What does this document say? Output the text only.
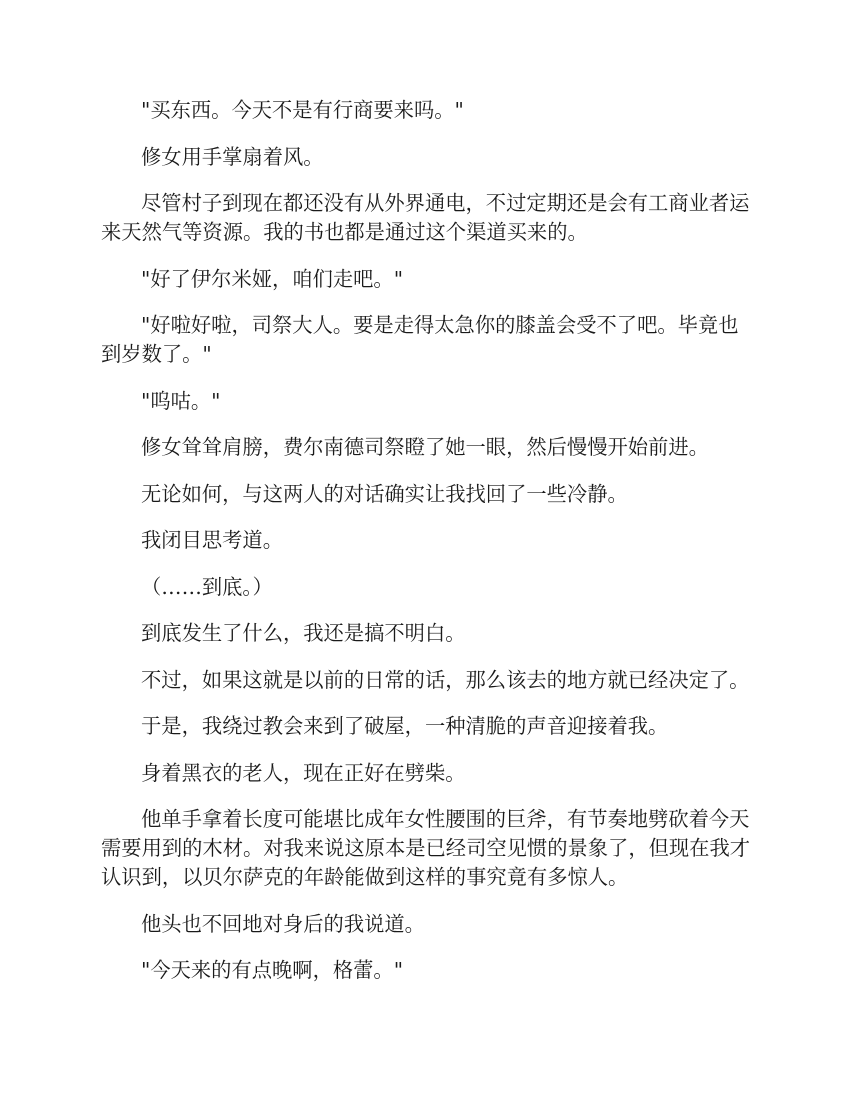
"买东西。今天不是有行商要来吗。"

修女用手掌扇着风。

尽管村子到现在都还没有从外界通电，不过定期还是会有工商业者运来天然气等资源。我的书也都是通过这个渠道买来的。

"好了伊尔米娅，咱们走吧。"

"好啦好啦，司祭大人。要是走得太急你的膝盖会受不了吧。毕竟也到岁数了。"

"呜咕。"

修女耸耸肩膀，费尔南德司祭瞪了她一眼，然后慢慢开始前进。

无论如何，与这两人的对话确实让我找回了一些冷静。

我闭目思考道。

（……到底。）

到底发生了什么，我还是搞不明白。

不过，如果这就是以前的日常的话，那么该去的地方就已经决定了。

于是，我绕过教会来到了破屋，一种清脆的声音迎接着我。

身着黑衣的老人，现在正好在劈柴。

他单手拿着长度可能堪比成年女性腰围的巨斧，有节奏地劈砍着今天需要用到的木材。对我来说这原本是已经司空见惯的景象了，但现在我才认识到，以贝尔萨克的年龄能做到这样的事究竟有多惊人。

他头也不回地对身后的我说道。

"今天来的有点晚啊，格蕾。"
